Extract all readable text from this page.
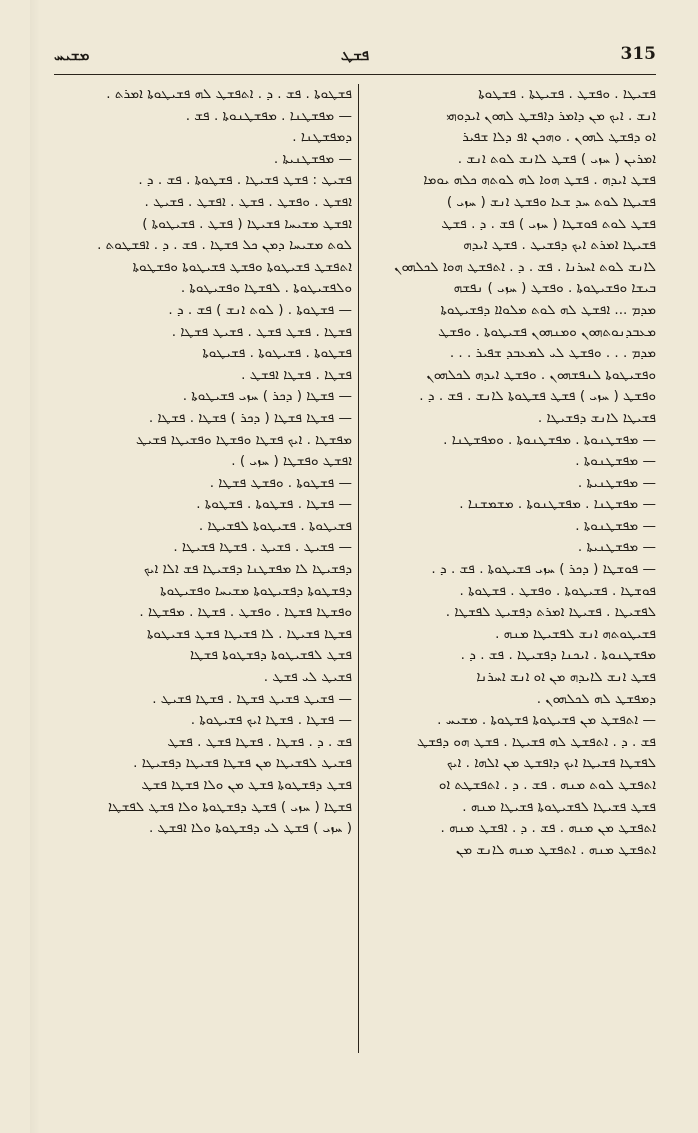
ܡܫܝܚ	ܦܫܛ	315
ܦܫܝܛܐ . ܘܦܫܛ . ܦܫܝܛܬܐ . ܦܫܛܘܬܐ
ܐܢܫ . ܐܝܟ ܡܢ ܕܐܡܪ ܕܐܦܫܛ ܠܗܘܢ ܐܝܕܘܗܝ
ܐܘ ܕܦܫܛ ܠܗܘܢ . ܘܗܟܢ ܐܦ ܕܠܐ ܫܦܝܪ
ܐܡܪܝܢ ( ܚܙܝ ) ܦܫܛ ܠܐܢܫ ܠܘܬ ܐܢܫ .
ܦܫܛ ܐܝܕܗ . ܦܫܛ ܗܘܐ ܠܗ ܠܘܬܗ ܟܠܗ ܝܘܡܐ
ܦܫܝܛܐ ܠܘܬ ܚܕ ܫܥܐ ܘܦܫܛ ܐܢܫ ( ܚܙܝ )
ܦܫܛ ܠܘܬ ܦܘܫܛܐ ( ܚܙܝ ) ܦܫ . ܕ . ܦܫܛ
ܦܫܝܛܐ ܐܡܪܬ ܐܝܟ ܕܦܫܝܛ . ܦܫܛ ܐܝܕܗ
ܠܐܢܫ ܠܘܬ ܐܚܪܢܐ . ܦܫ . ܕ . ܐܬܦܫܛ ܗܘܐ ܠܟܠܗܘܢ
ܒܝܫܐ ܘܦܫܝܛܘܬܐ . ܘܦܫܛ ( ܚܙܝ ) ܢܦܫܗ
ܡܕܡ ... ܐܦܫܛ ܠܗ ܠܘܬ ܡܠܘܐܐ ܕܦܫܝܛܘܬܐ
ܡܥܒܕܢܘܬܗܘܢ ܘܡܢܗܘܢ ܦܫܝܛܘܬܐ . ܘܦܫܛ
ܡܕܡ . . . ܘܦܫܛ ܠܝ ܠܡܥܒܕ ܫܦܝܪ . . .
ܘܦܫܝܛܘܬܐ ܠܢܦܫܗܘܢ . ܘܦܫܛ ܐܝܕܗ ܠܟܠܗܘܢ
ܘܦܫܛ ( ܚܙܝ ) ܦܫܛ ܦܫܛܘܬܐ ܠܐܢܫ . ܦܫ . ܕ .
ܦܫܝܛܐ ܠܐܢܫ ܕܦܫܝܛܐ .
— ܡܦܫܛܢܘܬܐ . ܡܦܫܛܢܘܬܐ . ܘܡܦܫܛܢܐ .
— ܡܦܫܛܢܘܬܐ .
— ܡܦܫܛܢܝܬܐ .
— ܡܦܫܛܢܐ . ܡܦܫܛܢܘܬܐ . ܡܫܡܫܢܐ .
— ܡܦܫܛܢܘܬܐ .
— ܡܦܫܛܢܝܬܐ .
— ܦܘܫܛܐ ( ܕܟܪ ) ܚܙܝ ܦܫܝܛܘܬܐ . ܦܫ . ܕ .
ܦܘܫܛܐ . ܦܫܝܛܘܬܐ . ܘܦܫܛ . ܦܫܛܘܬܐ .
ܠܦܫܝܛܐ . ܦܫܝܛܐ ܐܡܪܬ ܕܦܫܝܛ ܠܦܫܛܐ .
ܦܫܝܛܘܬܗ ܐܢܫ ܠܦܫܝܛܐ ܡܢܗ .
ܡܦܫܛܢܘܬܐ . ܐܝܟܢܐ ܕܦܫܝܛܐ . ܦܫ . ܕ .
ܦܫܛ ܐܢܫ ܠܐܝܕܗ ܡܢ ܐܘ ܐܢܫ ܐܚܪܢܐ
ܕܡܦܫܛ ܠܗ ܠܟܠܗܘܢ .
— ܐܬܦܫܛ ܡܢ ܦܫܝܛܘܬܐ ܦܫܛܘܬܐ . ܡܫܝܚ .
ܦܫ . ܕ . ܐܬܦܫܛ ܠܗ ܦܫܝܛܐ . ܦܫܛ ܗܘ ܕܦܫܛ
ܠܦܫܛܐ ܦܫܝܛܐ ܐܝܟ ܕܐܦܫܛ ܡܢ ܐܠܗܐ . ܐܝܟ
ܐܬܦܫܛ ܠܘܬ ܡܢܗ . ܦܫ . ܕ . ܐܬܦܫܛܬ ܐܘ
ܦܫܛ ܦܫܝܛܐ ܠܦܫܝܛܘܬܐ ܦܫܝܛܐ ܡܢܗ .
ܐܬܦܫܛ ܡܢ ܡܢܗ . ܦܫ . ܕ . ܐܦܫܛ ܡܢܗ .
ܐܬܦܫܛ ܡܢܗ . ܐܬܦܫܛ ܡܢܗ ܠܐܢܫ ܡܢ
ܦܫܛܘܬܐ . ܦܫ . ܕ . ܐܬܦܫܛ ܠܗ ܦܫܝܛܘܬܐ ܐܡܪܬ .
— ܡܦܫܛܢܐ . ܡܦܫܛܢܘܬܐ . ܦܫ .
ܕܡܦܫܛܢܐ .
— ܡܦܫܛܢܝܬܐ .
ܦܫܝܛ : ܦܫܛ ܦܫܝܛܐ . ܦܫܛܘܬܐ . ܦܫ . ܕ .
ܐܦܫܛ . ܘܦܫܛ . ܦܫܛ . ܐܦܫܛ . ܦܫܝܛ .
ܐܦܫܛ ܡܫܝܚܐ ܦܫܝܛܐ ( ܦܫܛ . ܦܫܝܛܘܬܐ )
ܠܘܬ ܡܫܝܚܐ ܕܡܢ ܟܠ ܦܫܛܐ . ܦܫ . ܕ . ܐܦܫܛܘܬ .
ܐܬܦܫܛ ܦܫܝܛܘܬܐ ܘܦܫܛ ܦܫܝܛܘܬܐ ܘܦܫܛܘܬܐ
ܘܠܦܫܝܛܘܬܐ . ܠܦܫܛܐ ܘܦܫܝܛܘܬܐ .
— ܦܫܛܘܬܐ . ( ܠܘܬ ܐܢܫ ) ܦܫ . ܕ .
ܦܫܛܐ . ܦܫܛ ܦܫܛ . ܦܫܝܛ ܦܫܛܐ .
ܦܫܛܘܬܐ . ܦܫܝܛܘܬܐ . ܦܫܝܛܘܬܐ
ܦܫܛܐ . ܦܫܛܐ ܐܦܫܛ .
— ܦܫܛܐ ( ܕܟܪ ) ܚܙܝ ܦܫܝܛܘܬܐ .
— ܦܫܛܐ ܦܫܛܐ ( ܕܟܪ ) ܦܫܛܐ . ܦܫܛܐ .
ܡܦܫܛܐ . ܐܝܟ ܦܫܛܐ ܘܦܫܛܐ ܘܦܫܝܛܐ ܦܫܝܛ
ܐܦܫܛ ܘܦܫܛܐ ( ܚܙܝ ) .
— ܦܫܛܘܬܐ . ܘܦܫܛ ܦܫܛܐ .
— ܦܫܛܐ . ܦܫܛܘܬܐ . ܦܫܛܘܬܐ .
ܦܫܝܛܘܬܐ . ܦܫܝܛܘܬܐ ܠܦܫܝܛܐ .
— ܦܫܝܛ . ܦܫܝܛ . ܦܫܛܐ ܦܫܝܛܐ .
ܕܦܫܝܛܐ ܠܐ ܡܦܫܛܢܐ ܕܦܫܝܛܐ ܦܫ ܐܠܐ ܐܝܟ
ܕܦܫܛܘܬܐ ܕܦܫܝܛܘܬܐ ܡܫܝܚܐ ܘܦܫܝܛܘܬܐ
ܘܦܫܛܐ ܦܫܛܐ . ܘܦܫܛ . ܦܫܛܐ . ܡܦܫܛܐ .
ܦܫܛܐ ܦܫܝܛܐ . ܠܐ ܦܫܝܛܐ ܦܫܛ ܦܫܝܛܘܬܐ
ܦܫܛ ܠܦܫܝܛܘܬܐ ܕܦܫܛܘܬܐ ܦܫܛܐ
ܦܫܝܛ ܠܝ ܦܫܛ .
— ܦܫܝܛ ܦܫܝܛ ܦܫܛܐ . ܦܫܛܐ ܦܫܝܛ .
— ܦܫܛܐ . ܦܫܛܐ ܐܝܟ ܦܫܝܛܘܬܐ .
ܦܫ . ܕ . ܦܫܛܐ . ܦܫܛܐ ܦܫܛ . ܦܫܛ
ܦܫܝܛ ܠܦܫܝܛܐ ܡܢ ܦܫܛܐ ܦܫܝܛܐ ܕܦܫܝܛܐ .
ܦܫܛ ܕܦܫܛܘܬܐ ܦܫܛ ܡܢ ܘܠܐ ܦܫܛܐ ܦܫܛ
ܦܫܛܐ ( ܚܙܝ ) ܦܫܛ ܕܦܫܛܘܬܐ ܘܠܐ ܦܫܛ ܠܦܫܛܐ
( ܚܙܝ ) ܦܫܛ ܠܝ ܕܦܫܛܘܬܐ ܘܠܐ ܐܦܫܛ .
